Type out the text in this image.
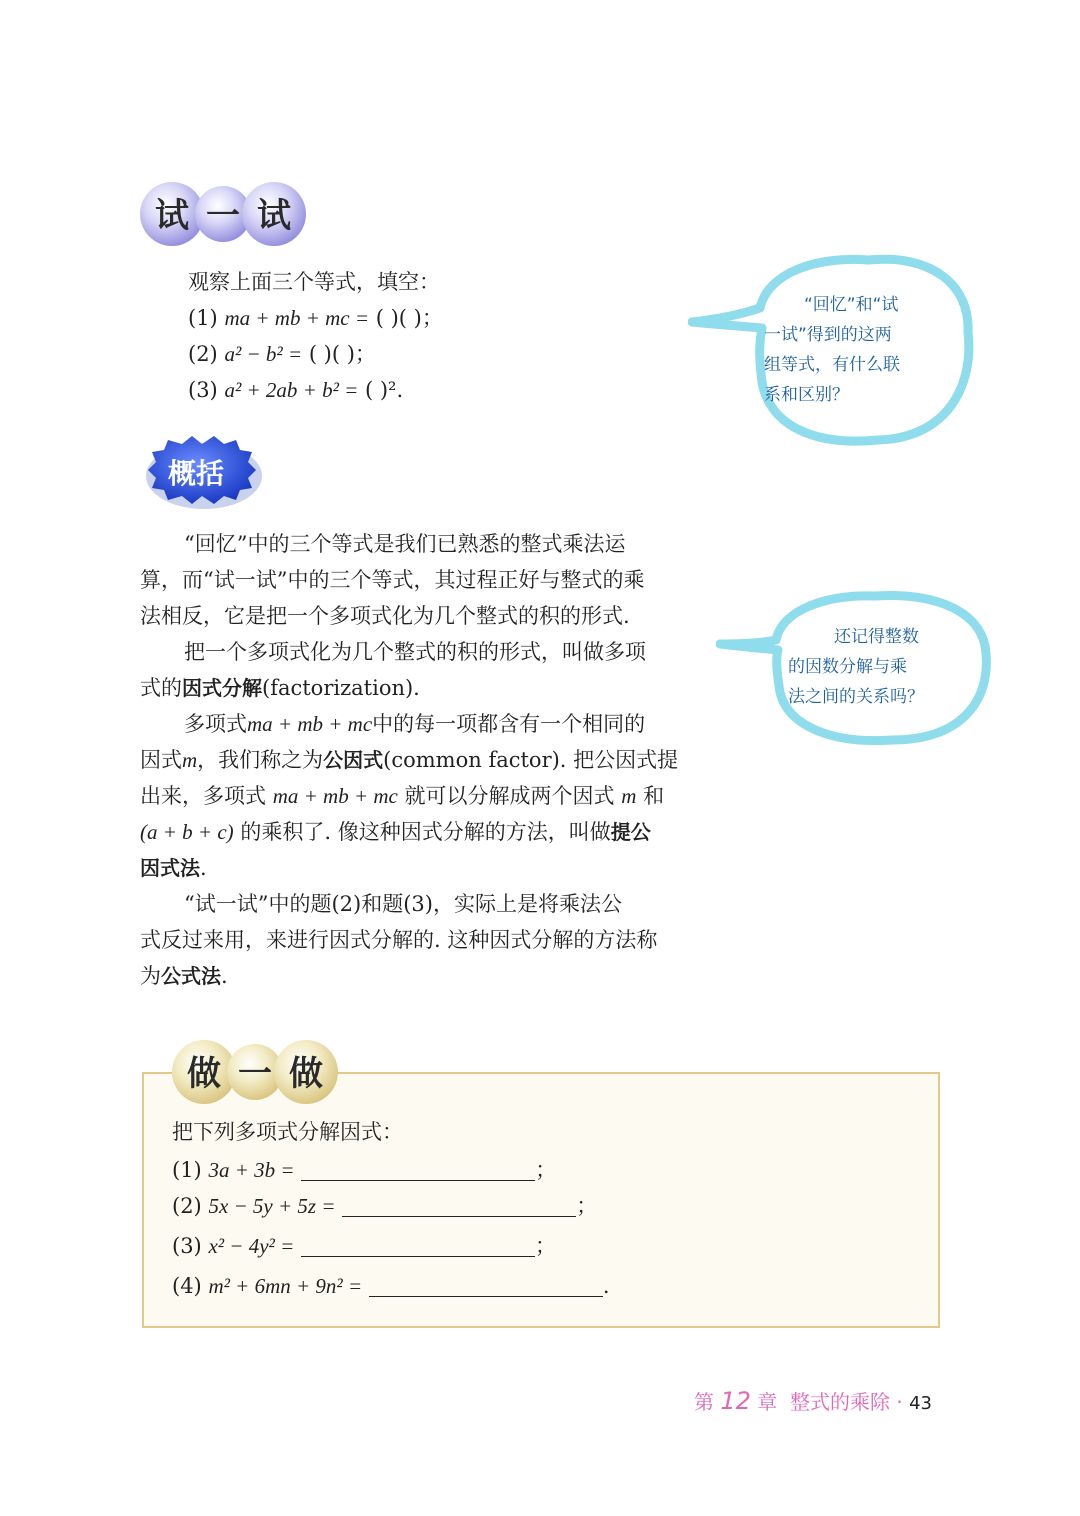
试 一 试
观察上面三个等式，填空：
(1) ma + mb + mc = ( )( )；
(2) a² − b² = ( )( )；
(3) a² + 2ab + b² = ( )².
“回忆”和“试
一试”得到的这两
组等式，有什么联
系和区别？
概括

“回忆”中的三个等式是我们已熟悉的整式乘法运

算，而“试一试”中的三个等式，其过程正好与整式的乘

法相反，它是把一个多项式化为几个整式的积的形式.

把一个多项式化为几个整式的积的形式，叫做多项

式的因式分解(factorization).

多项式ma + mb + mc中的每一项都含有一个相同的

因式m，我们称之为公因式(common factor). 把公因式提

出来，多项式 ma + mb + mc 就可以分解成两个因式 m 和

(a + b + c) 的乘积了. 像这种因式分解的方法，叫做提公

因式法.

“试一试”中的题(2)和题(3)，实际上是将乘法公

式反过来用，来进行因式分解的. 这种因式分解的方法称

为公式法.

还记得整数
的因数分解与乘
法之间的关系吗？
做 一 做
把下列多项式分解因式：
(1) 3a + 3b =	；
(2) 5x − 5y + 5z =	；
(3) x² − 4y² =	；
(4) m² + 6mn + 9n² =	.
第 12 章 整式的乘除 · 43
